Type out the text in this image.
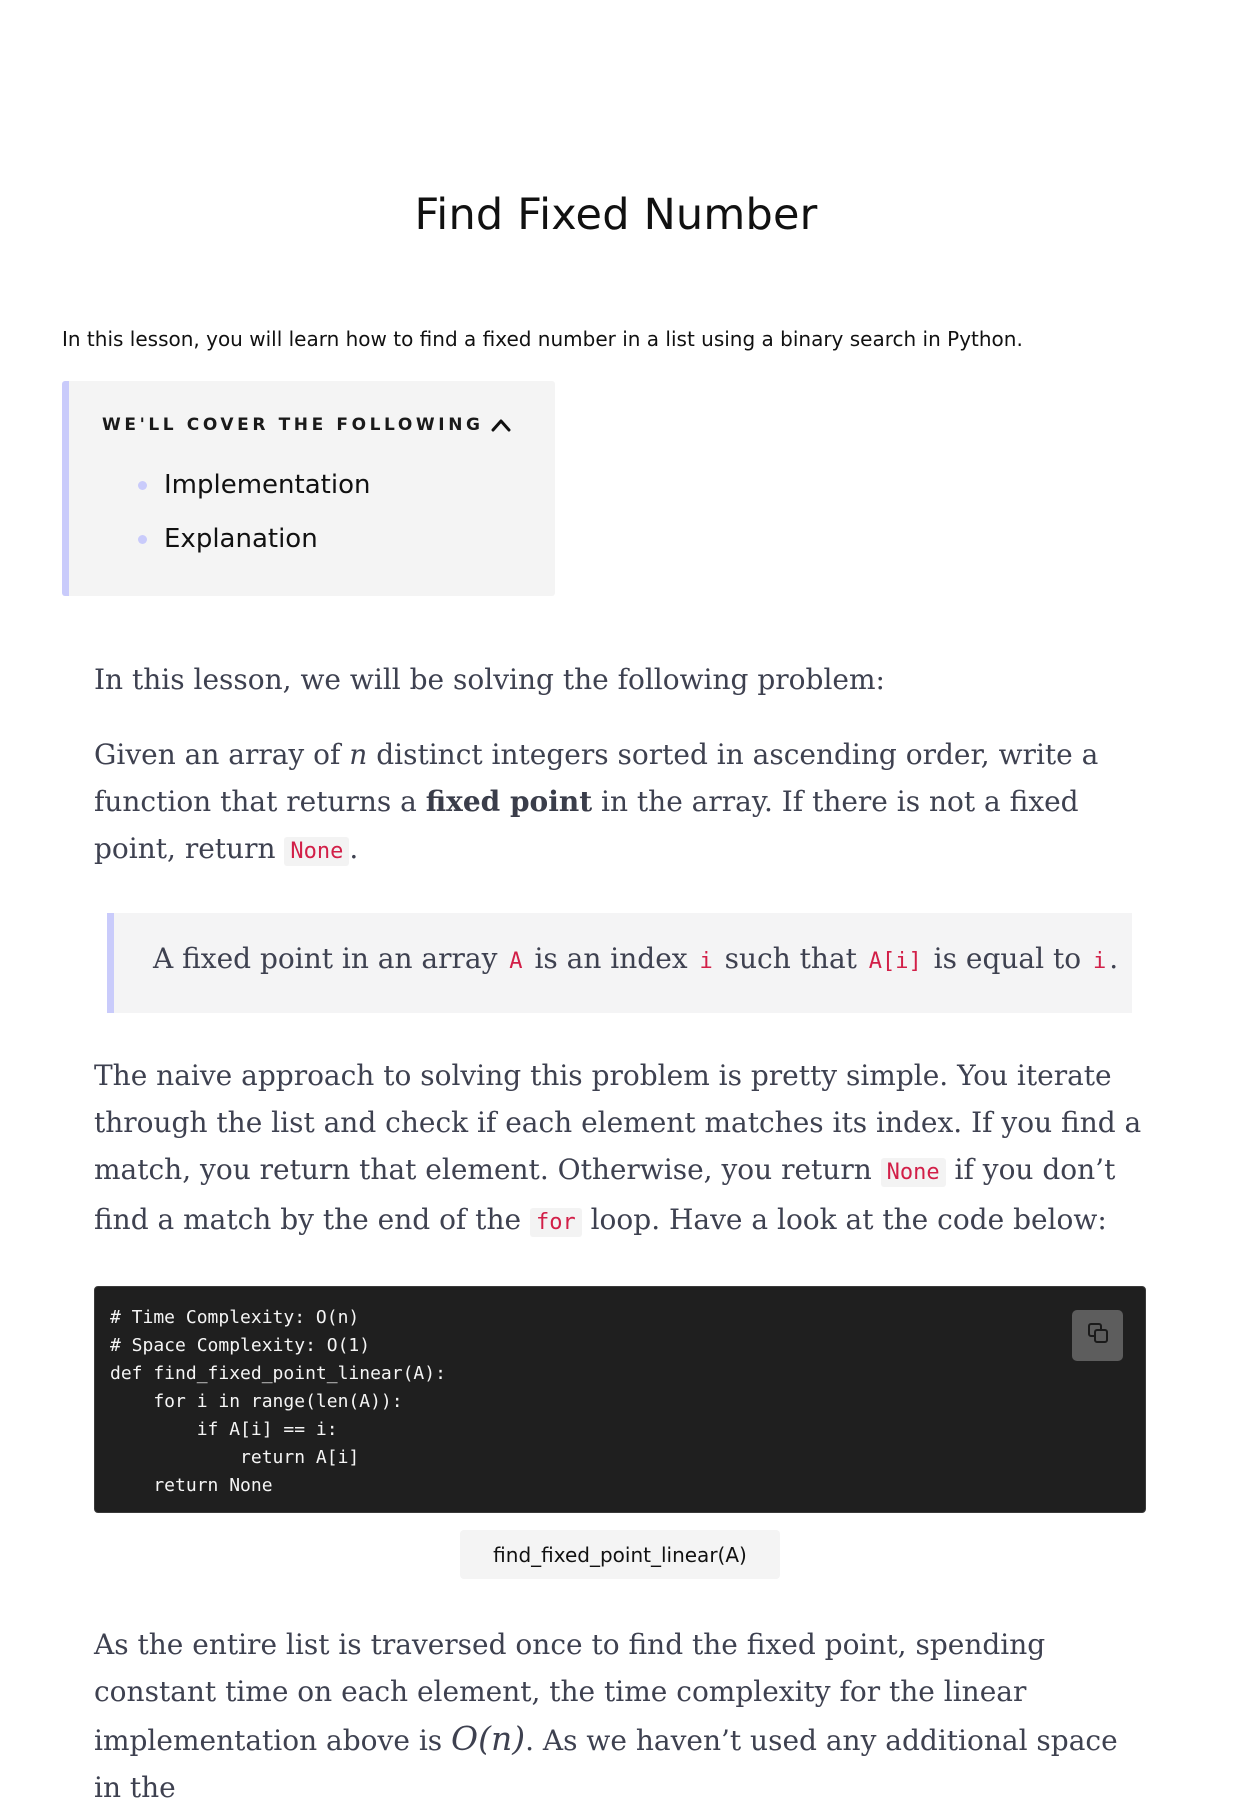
Find Fixed Number

In this lesson, you will learn how to find a fixed number in a list using a binary search in Python.

WE'LL COVER THE FOLLOWING
Implementation
Explanation

In this lesson, we will be solving the following problem:

Given an array of n distinct integers sorted in ascending order, write a function that returns a fixed point in the array. If there is not a fixed point, return None .

A fixed point in an array A is an index i such that A[i] is equal to i .

The naive approach to solving this problem is pretty simple. You iterate through the list and check if each element matches its index. If you find a match, you return that element. Otherwise, you return None if you don’t find a match by the end of the for loop. Have a look at the code below:

# Time Complexity: O(n)
# Space Complexity: O(1)
def find_fixed_point_linear(A):
for i in range(len(A)):
if A[i] == i:
return A[i]
return None
find_fixed_point_linear(A)

As the entire list is traversed once to find the fixed point, spending constant time on each element, the time complexity for the linear implementation above is O(n). As we haven’t used any additional space in the
